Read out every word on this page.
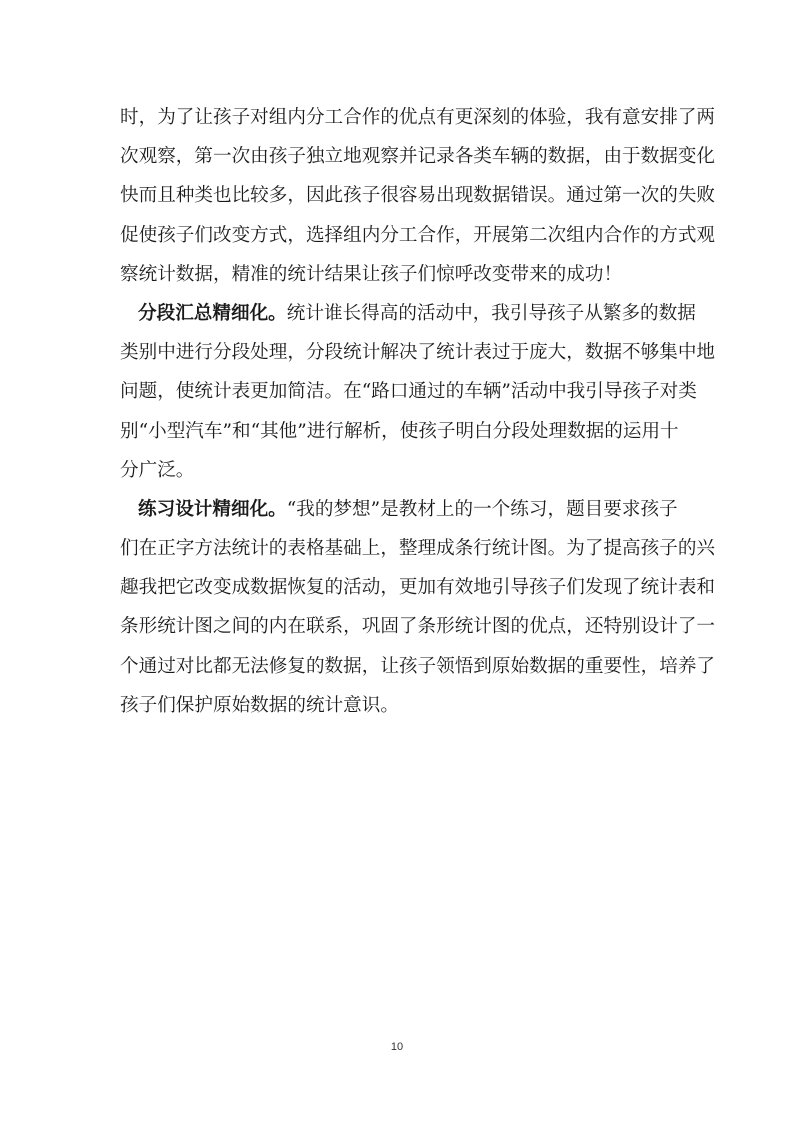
时，为了让孩子对组内分工合作的优点有更深刻的体验，我有意安排了两
次观察，第一次由孩子独立地观察并记录各类车辆的数据，由于数据变化
快而且种类也比较多，因此孩子很容易出现数据错误。通过第一次的失败
促使孩子们改变方式，选择组内分工合作，开展第二次组内合作的方式观
察统计数据，精准的统计结果让孩子们惊呼改变带来的成功！
分段汇总精细化。统计谁长得高的活动中，我引导孩子从繁多的数据
类别中进行分段处理，分段统计解决了统计表过于庞大，数据不够集中地
问题，使统计表更加简洁。在“路口通过的车辆”活动中我引导孩子对类
别“小型汽车”和“其他”进行解析，使孩子明白分段处理数据的运用十
分广泛。
练习设计精细化。“我的梦想”是教材上的一个练习，题目要求孩子
们在正字方法统计的表格基础上，整理成条行统计图。为了提高孩子的兴
趣我把它改变成数据恢复的活动，更加有效地引导孩子们发现了统计表和
条形统计图之间的内在联系，巩固了条形统计图的优点，还特别设计了一
个通过对比都无法修复的数据，让孩子领悟到原始数据的重要性，培养了
孩子们保护原始数据的统计意识。
10
